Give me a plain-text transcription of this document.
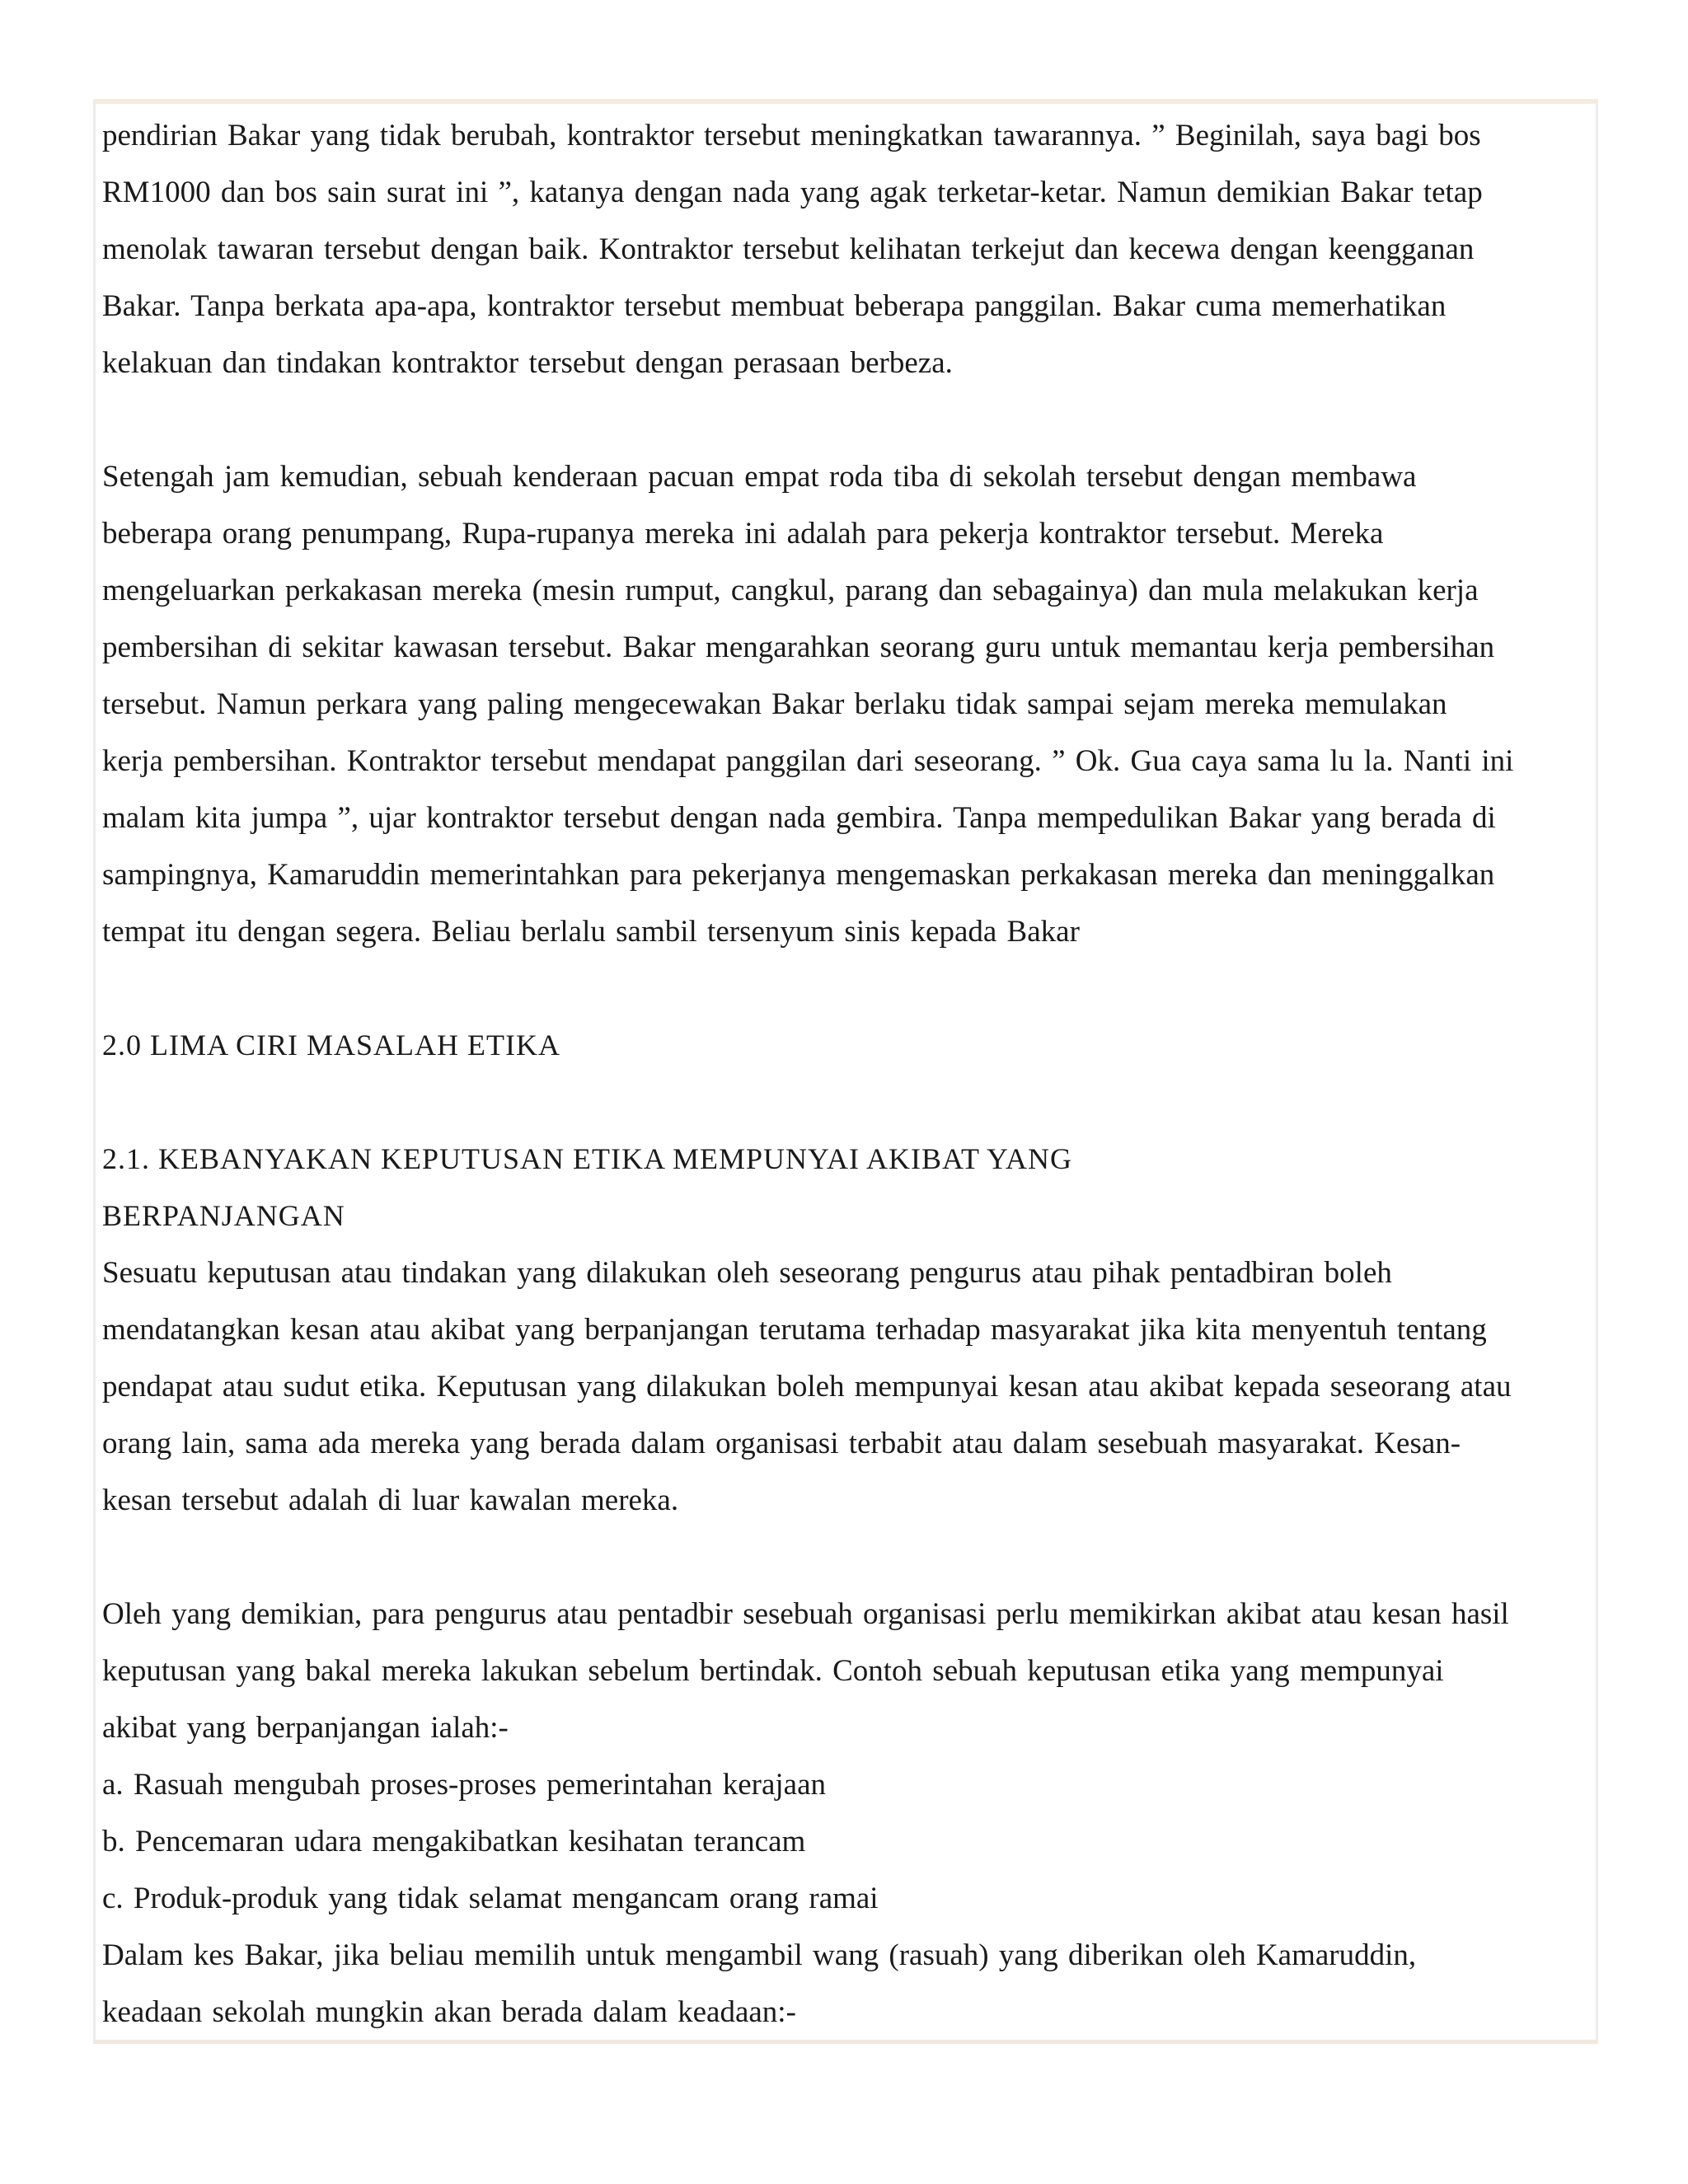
pendirian Bakar yang tidak berubah, kontraktor tersebut meningkatkan tawarannya. ” Beginilah, saya bagi bos
RM1000 dan bos sain surat ini ”, katanya dengan nada yang agak terketar-ketar. Namun demikian Bakar tetap
menolak tawaran tersebut dengan baik. Kontraktor tersebut kelihatan terkejut dan kecewa dengan keengganan
Bakar. Tanpa berkata apa-apa, kontraktor tersebut membuat beberapa panggilan. Bakar cuma memerhatikan
kelakuan dan tindakan kontraktor tersebut dengan perasaan berbeza.
Setengah jam kemudian, sebuah kenderaan pacuan empat roda tiba di sekolah tersebut dengan membawa
beberapa orang penumpang, Rupa-rupanya mereka ini adalah para pekerja kontraktor tersebut. Mereka
mengeluarkan perkakasan mereka (mesin rumput, cangkul, parang dan sebagainya) dan mula melakukan kerja
pembersihan di sekitar kawasan tersebut. Bakar mengarahkan seorang guru untuk memantau kerja pembersihan
tersebut. Namun perkara yang paling mengecewakan Bakar berlaku tidak sampai sejam mereka memulakan
kerja pembersihan. Kontraktor tersebut mendapat panggilan dari seseorang. ” Ok. Gua caya sama lu la. Nanti ini
malam kita jumpa ”, ujar kontraktor tersebut dengan nada gembira. Tanpa mempedulikan Bakar yang berada di
sampingnya, Kamaruddin memerintahkan para pekerjanya mengemaskan perkakasan mereka dan meninggalkan
tempat itu dengan segera. Beliau berlalu sambil tersenyum sinis kepada Bakar
2.0 LIMA CIRI MASALAH ETIKA
2.1. KEBANYAKAN KEPUTUSAN ETIKA MEMPUNYAI AKIBAT YANG
BERPANJANGAN
Sesuatu keputusan atau tindakan yang dilakukan oleh seseorang pengurus atau pihak pentadbiran boleh
mendatangkan kesan atau akibat yang berpanjangan terutama terhadap masyarakat jika kita menyentuh tentang
pendapat atau sudut etika. Keputusan yang dilakukan boleh mempunyai kesan atau akibat kepada seseorang atau
orang lain, sama ada mereka yang berada dalam organisasi terbabit atau dalam sesebuah masyarakat. Kesan-
kesan tersebut adalah di luar kawalan mereka.
Oleh yang demikian, para pengurus atau pentadbir sesebuah organisasi perlu memikirkan akibat atau kesan hasil
keputusan yang bakal mereka lakukan sebelum bertindak. Contoh sebuah keputusan etika yang mempunyai
akibat yang berpanjangan ialah:-
a. Rasuah mengubah proses-proses pemerintahan kerajaan
b. Pencemaran udara mengakibatkan kesihatan terancam
c. Produk-produk yang tidak selamat mengancam orang ramai
Dalam kes Bakar, jika beliau memilih untuk mengambil wang (rasuah) yang diberikan oleh Kamaruddin,
keadaan sekolah mungkin akan berada dalam keadaan:-
